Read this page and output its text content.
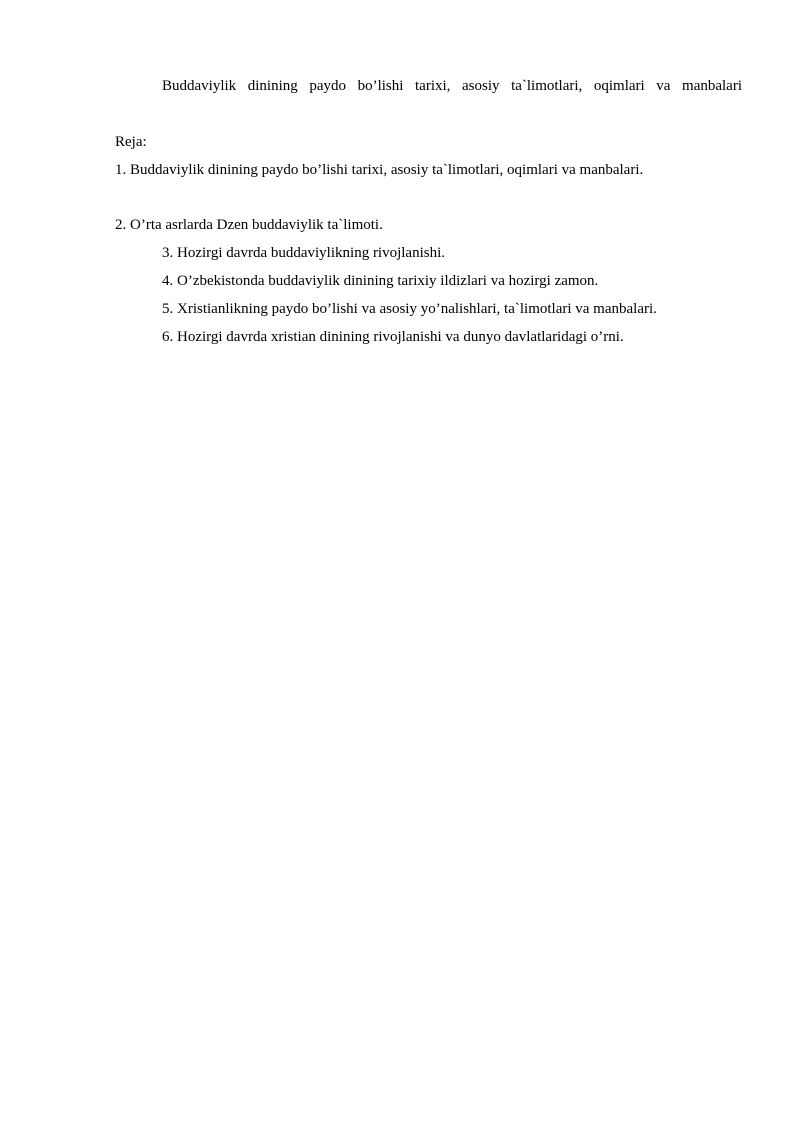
Buddaviylik dinining paydo bo’lishi tarixi, asosiy ta`limotlari, oqimlari va manbalari
Reja:
1. Buddaviylik dinining paydo bo’lishi tarixi, asosiy ta`limotlari, oqimlari va manbalari.
2. O’rta asrlarda Dzen buddaviylik ta`limoti.
3. Hozirgi davrda buddaviylikning rivojlanishi.
4. O’zbekistonda buddaviylik dinining tarixiy ildizlari va hozirgi zamon.
5. Xristianlikning paydo bo’lishi va asosiy yo’nalishlari, ta`limotlari va manbalari.
6. Hozirgi davrda xristian dinining rivojlanishi va dunyo davlatlaridagi o’rni.
